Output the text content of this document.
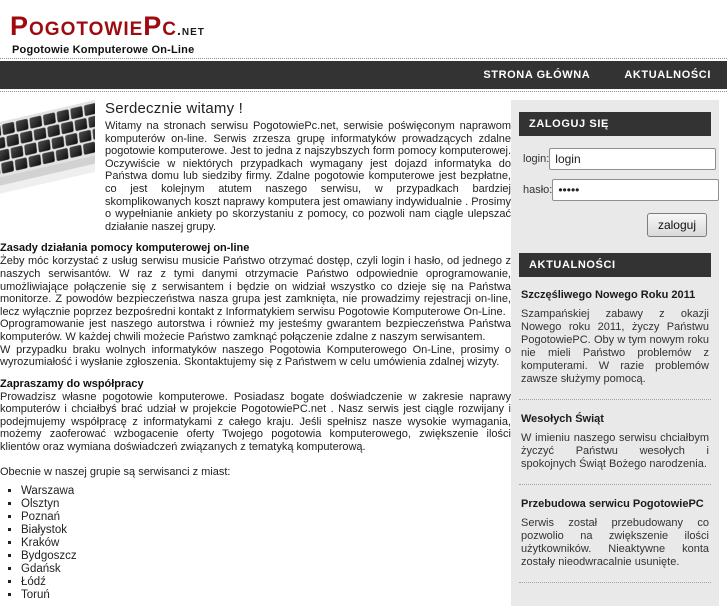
PogotowiePc.net
Pogotowie Komputerowe On-Line
STRONA GŁÓWNA	AKTUALNOŚCI
Serdecznie witamy !

Witamy na stronach serwisu PogotowiePc.net, serwisie poświęconym naprawom komputerów on-line. Serwis zrzesza grupę informatyków prowadzących zdalne pogotowie komputerowe. Jest to jedna z najszybszych form pomocy komputerowej. Oczywiście w niektórych przypadkach wymagany jest dojazd informatyka do Państwa domu lub siedziby firmy. Zdalne pogotowie komputerowe jest bezpłatne, co jest kolejnym atutem naszego serwisu, w przypadkach bardziej skomplikowanych koszt naprawy komputera jest omawiany indywidualnie . Prosimy o wypełnianie ankiety po skorzystaniu z pomocy, co pozwoli nam ciągle ulepszać działanie naszej grupy.

Zasady działania pomocy komputerowej on-line

Żeby móc korzystać z usług serwisu musicie Państwo otrzymać dostęp, czyli login i hasło, od jednego z naszych serwisantów. W raz z tymi danymi otrzymacie Państwo odpowiednie oprogramowanie, umożliwiające połączenie się z serwisantem i będzie on widział wszystko co dzieje się na Państwa monitorze. Z powodów bezpieczeństwa nasza grupa jest zamknięta, nie prowadzimy rejestracji on-line, lecz wyłącznie poprzez bezpośredni kontakt z Informatykiem serwisu Pogotowie Komputerowe On-Line.

Oprogramowanie jest naszego autorstwa i również my jesteśmy gwarantem bezpieczeństwa Państwa komputerów. W każdej chwili możecie Państwo zamknąć połączenie zdalne z naszym serwisantem.

W przypadku braku wolnych informatyków naszego Pogotowia Komputerowego On-Line, prosimy o wyrozumiałość i wysłanie zgłoszenia. Skontaktujemy się z Państwem w celu umówienia zdalnej wizyty.

Zapraszamy do współpracy

Prowadzisz własne pogotowie komputerowe. Posiadasz bogate doświadczenie w zakresie naprawy komputerów i chciałbyś brać udział w projekcie PogotowiePC.net . Nasz serwis jest ciągle rozwijany i podejmujemy współpracę z informatykami z całego kraju. Jeśli spełnisz nasze wysokie wymagania, możemy zaoferować wzbogacenie oferty Twojego pogotowia komputerowego, zwiększenie ilości klientów oraz wymiana doświadczeń związanych z tematyką komputerową.

Obecnie w naszej grupie są serwisanci z miast:

▪ Warszawa
▪ Olsztyn
▪ Poznań
▪ Białystok
▪ Kraków
▪ Bydgoszcz
▪ Gdańsk
▪ Łódź
▪ Toruń
ZALOGUJ SIĘ
login:
login
hasło:
•••••
zaloguj
AKTUALNOŚCI
Szczęśliwego Nowego Roku 2011

Szampańskiej zabawy z okazji Nowego roku 2011, życzy Państwu PogotowiePC. Oby w tym nowym roku nie mieli Państwo problemów z komputerami. W razie problemów zawsze służymy pomocą.

Wesołych Świąt

W imieniu naszego serwisu chciałbym życzyć Państwu wesołych i spokojnych Świąt Bożego narodzenia.

Przebudowa serwicu PogotowiePC

Serwis został przebudowany co pozwolio na zwiększenie ilości użytkowników. Nieaktywne konta zostały nieodwracalnie usunięte.
